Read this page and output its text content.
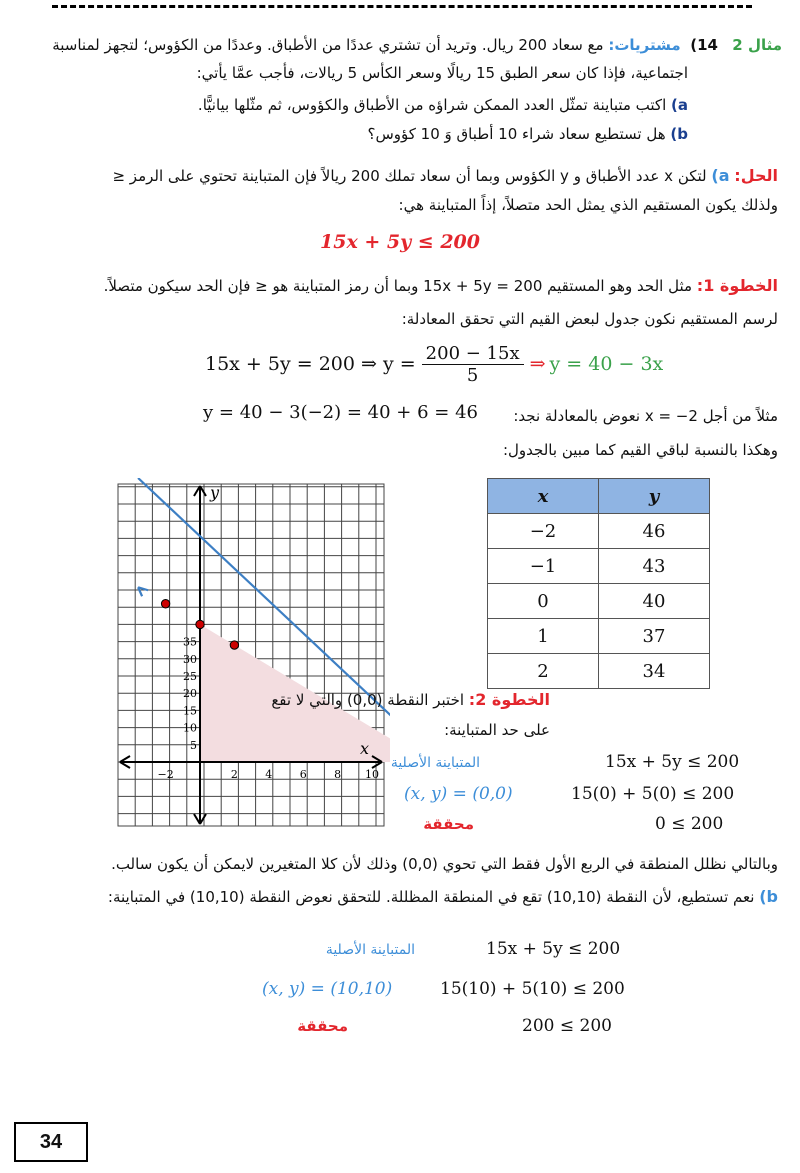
مثال 2   14)  مشتريات: مع سعاد 200 ريال. وتريد أن تشتري عددًا من الأطباق. وعددًا من الكؤوس؛ لتجهز لمناسبة
اجتماعية، فإذا كان سعر الطبق 15 ريالًا وسعر الكأس 5 ريالات، فأجب عمَّا يأتي:
a) اكتب متباينة تمثّل العدد الممكن شراؤه من الأطباق والكؤوس، ثم مثّلها بيانيًّا.
b) هل تستطيع سعاد شراء 10 أطباق وَ 10 كؤوس؟
الحل: a) لتكن x عدد الأطباق و y الكؤوس وبما أن سعاد تملك 200 ريالاً فإن المتباينة تحتوي على الرمز ≤
ولذلك يكون المستقيم الذي يمثل الحد متصلاً، إذاً المتباينة هي:
15x + 5y ≤ 200
الخطوة 1: مثل الحد وهو المستقيم 15x + 5y = 200 وبما أن رمز المتباينة هو ≤ فإن الحد سيكون متصلاً.
لرسم المستقيم نكون جدول لبعض القيم التي تحقق المعادلة:
15x + 5y = 200 ⇒ y = 200 − 15x
5	⇒ y = 40 − 3x
مثلاً من أجل x = −2 نعوض بالمعادلة نجد:
y = 40 − 3(−2) = 40 + 6 = 46
وهكذا بالنسبة لباقي القيم كما مبين بالجدول:
x	y
−2	46
−1	43
0	40
1	37
2	34
−2	2 4 6 8 10
5
10
15
20
25
30
35
y
x
الخطوة 2: اختبر النقطة (0,0) والتي لا تقع
على حد المتباينة:
المتباينة الأصلية	15x + 5y ≤ 200
(x, y) = (0,0)	15(0) + 5(0) ≤ 200
محققة	0 ≤ 200
وبالتالي نظلل المنطقة في الربع الأول فقط التي تحوي (0,0) وذلك لأن كلا المتغيرين لايمكن أن يكون سالب.
b) نعم تستطيع، لأن النقطة (10,10) تقع في المنطقة المظللة. للتحقق نعوض النقطة (10,10) في المتباينة:
المتباينة الأصلية	15x + 5y ≤ 200
(x, y) = (10,10)	15(10) + 5(10) ≤ 200
محققة	200 ≤ 200
34
